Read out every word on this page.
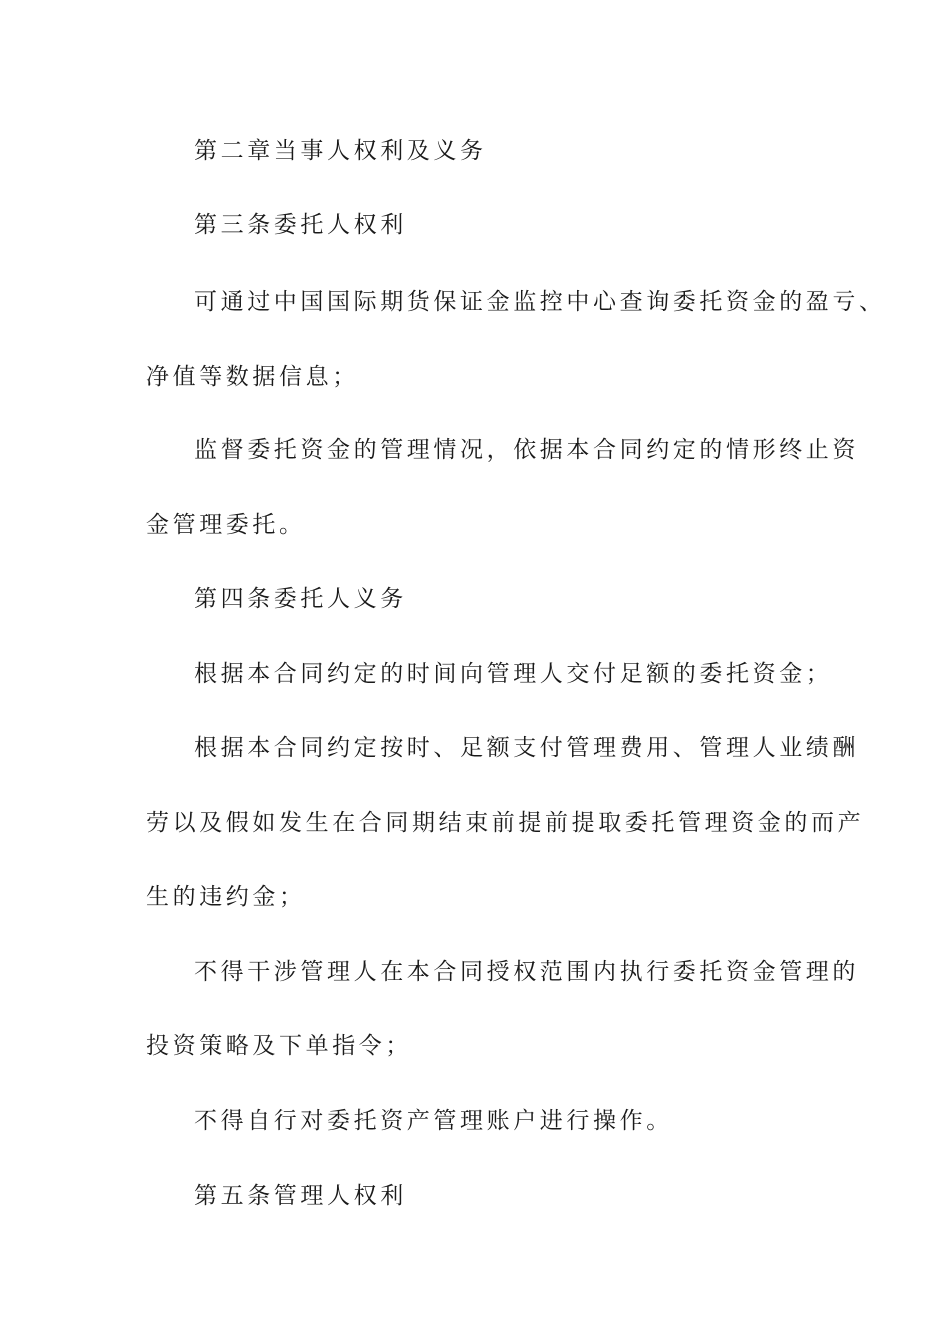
第二章当事人权利及义务
第三条委托人权利
可通过中国国际期货保证金监控中心查询委托资金的盈亏、
净值等数据信息；
监督委托资金的管理情况，依据本合同约定的情形终止资
金管理委托。
第四条委托人义务
根据本合同约定的时间向管理人交付足额的委托资金；
根据本合同约定按时、足额支付管理费用、管理人业绩酬
劳以及假如发生在合同期结束前提前提取委托管理资金的而产
生的违约金；
不得干涉管理人在本合同授权范围内执行委托资金管理的
投资策略及下单指令；
不得自行对委托资产管理账户进行操作。
第五条管理人权利
